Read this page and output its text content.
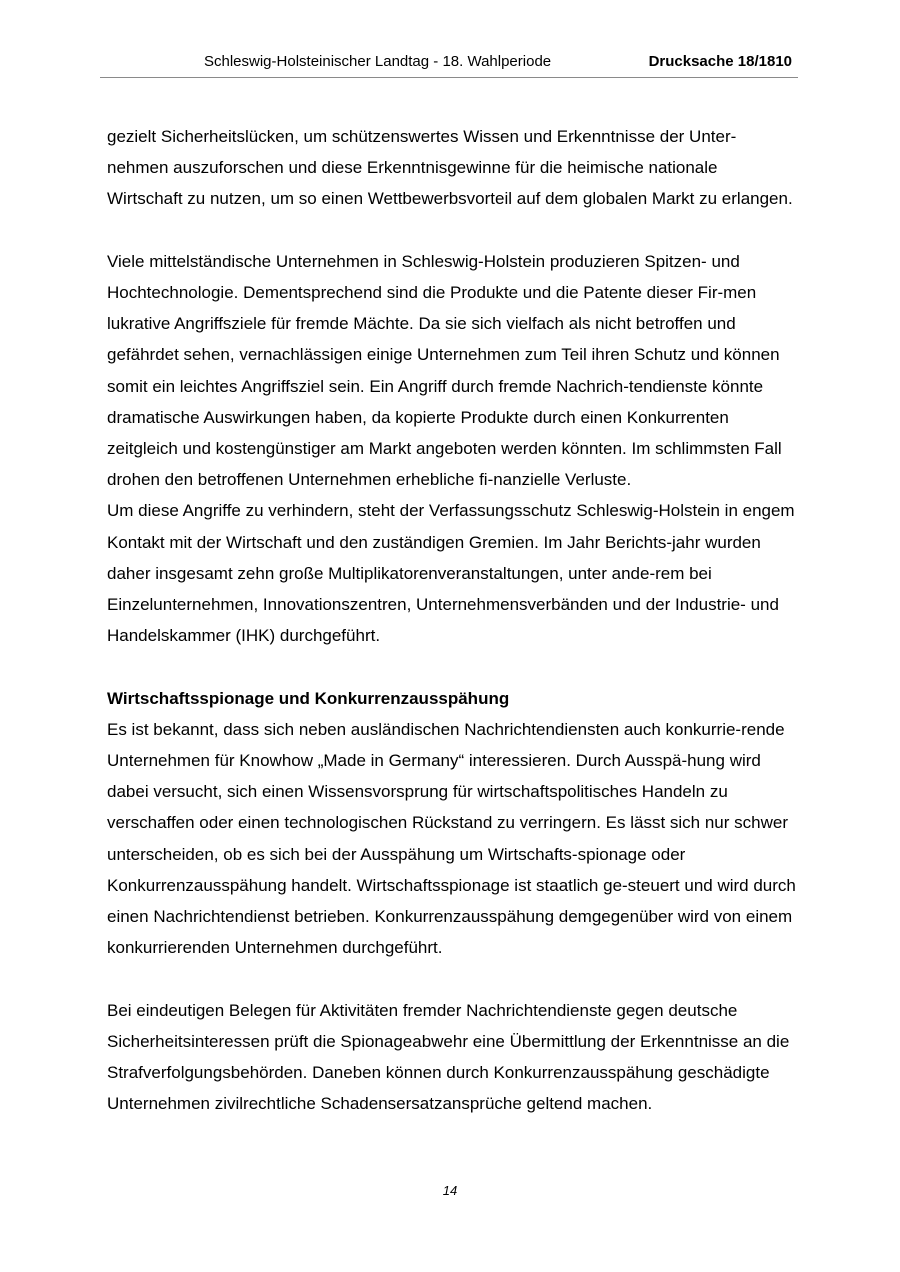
Schleswig-Holsteinischer Landtag - 18. Wahlperiode	Drucksache 18/1810

gezielt Sicherheitslücken, um schützenswertes Wissen und Erkenntnisse der Unter-nehmen auszuforschen und diese Erkenntnisgewinne für die heimische nationale Wirtschaft zu nutzen, um so einen Wettbewerbsvorteil auf dem globalen Markt zu erlangen.

Viele mittelständische Unternehmen in Schleswig-Holstein produzieren Spitzen- und Hochtechnologie. Dementsprechend sind die Produkte und die Patente dieser Fir-men lukrative Angriffsziele für fremde Mächte. Da sie sich vielfach als nicht betroffen und gefährdet sehen, vernachlässigen einige Unternehmen zum Teil ihren Schutz und können somit ein leichtes Angriffsziel sein. Ein Angriff durch fremde Nachrich-tendienste könnte dramatische Auswirkungen haben, da kopierte Produkte durch einen Konkurrenten zeitgleich und kostengünstiger am Markt angeboten werden könnten. Im schlimmsten Fall drohen den betroffenen Unternehmen erhebliche fi-nanzielle Verluste.

Um diese Angriffe zu verhindern, steht der Verfassungsschutz Schleswig-Holstein in engem Kontakt mit der Wirtschaft und den zuständigen Gremien. Im Jahr Berichts-jahr wurden daher insgesamt zehn große Multiplikatorenveranstaltungen, unter ande-rem bei Einzelunternehmen, Innovationszentren, Unternehmensverbänden und der Industrie- und Handelskammer (IHK) durchgeführt.

Wirtschaftsspionage und Konkurrenzausspähung

Es ist bekannt, dass sich neben ausländischen Nachrichtendiensten auch konkurrie-rende Unternehmen für Knowhow „Made in Germany“ interessieren. Durch Ausspä-hung wird dabei versucht, sich einen Wissensvorsprung für wirtschaftspolitisches Handeln zu verschaffen oder einen technologischen Rückstand zu verringern. Es lässt sich nur schwer unterscheiden, ob es sich bei der Ausspähung um Wirtschafts-spionage oder Konkurrenzausspähung handelt. Wirtschaftsspionage ist staatlich ge-steuert und wird durch einen Nachrichtendienst betrieben. Konkurrenzausspähung demgegenüber wird von einem konkurrierenden Unternehmen durchgeführt.

Bei eindeutigen Belegen für Aktivitäten fremder Nachrichtendienste gegen deutsche Sicherheitsinteressen prüft die Spionageabwehr eine Übermittlung der Erkenntnisse an die Strafverfolgungsbehörden. Daneben können durch Konkurrenzausspähung geschädigte Unternehmen zivilrechtliche Schadensersatzansprüche geltend machen.

14
